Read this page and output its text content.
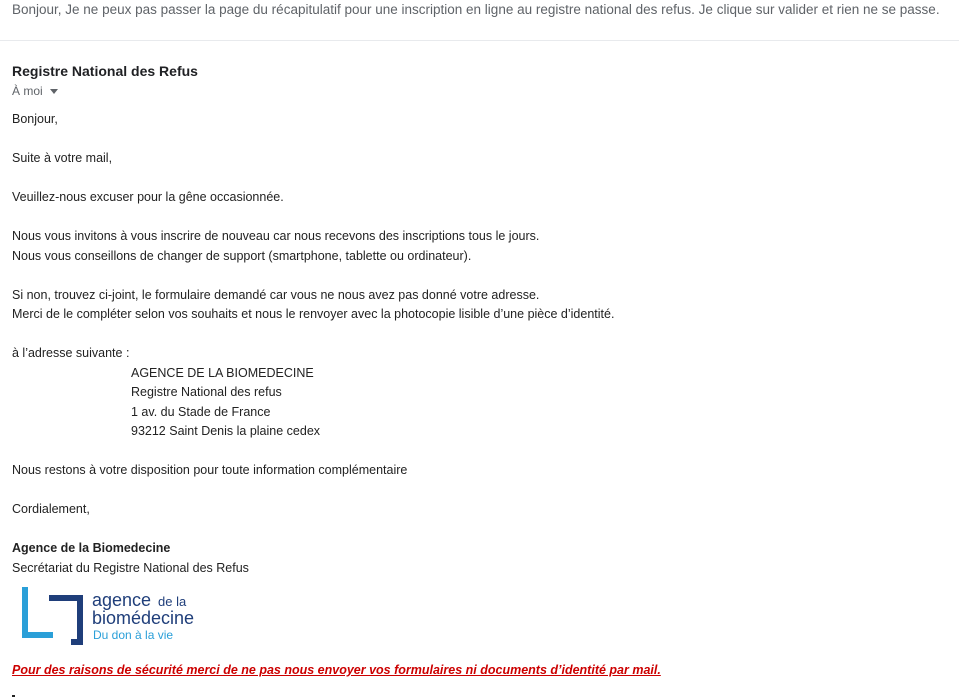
Bonjour, Je ne peux pas passer la page du récapitulatif pour une inscription en ligne au registre national des refus. Je clique sur valider et rien ne se passe.
Registre National des Refus
À moi
Bonjour,
Suite à votre mail,
Veuillez-nous excuser pour la gêne occasionnée.
Nous vous invitons à vous inscrire de nouveau car nous recevons des inscriptions tous le jours.
Nous vous conseillons de changer de support (smartphone, tablette ou ordinateur).
Si non, trouvez ci-joint, le formulaire demandé car vous ne nous avez pas donné votre adresse.
Merci de le compléter selon vos souhaits et nous le renvoyer avec la photocopie lisible d’une pièce d’identité.
à l’adresse suivante :
AGENCE DE LA BIOMEDECINE
Registre National des refus
1 av. du Stade de France
93212 Saint Denis la plaine cedex
Nous restons à votre disposition pour toute information complémentaire
Cordialement,
Agence de la Biomedecine
Secrétariat du Registre National des Refus
agence de la
biomédecine
Du don à la vie
Pour des raisons de sécurité merci de ne pas nous envoyer vos formulaires ni documents d’identité par mail.
